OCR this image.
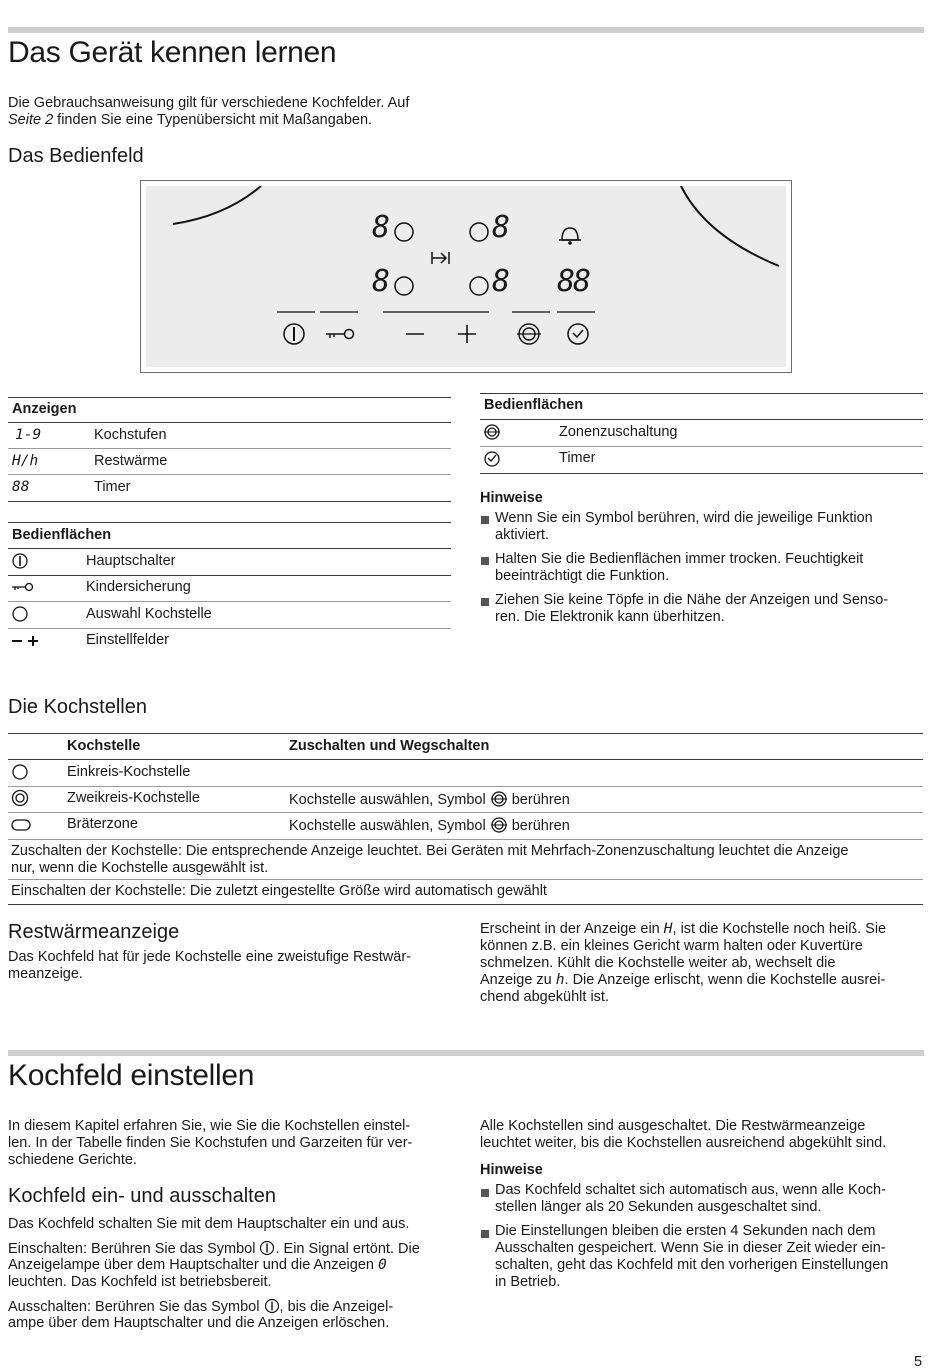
Das Gerät kennen lernen
Die Gebrauchsanweisung gilt für verschiedene Kochfelder. Auf
Seite 2 finden Sie eine Typenübersicht mit Maßangaben.
Das Bedienfeld
8	8
8	8 88
Anzeigen
1-9	Kochstufen
H/h	Restwärme
88	Timer
Bedienflächen
Hauptschalter
Kindersicherung
Auswahl Kochstelle
Einstellfelder
Bedienflächen
Zonenzuschaltung
Timer
Hinweise
Wenn Sie ein Symbol berühren, wird die jeweilige Funktion
aktiviert.
Halten Sie die Bedienflächen immer trocken. Feuchtigkeit
beeinträchtigt die Funktion.
Ziehen Sie keine Töpfe in die Nähe der Anzeigen und Senso-
ren. Die Elektronik kann überhitzen.
Die Kochstellen
Kochstelle	Zuschalten und Wegschalten
Einkreis-Kochstelle
Zweikreis-Kochstelle	Kochstelle auswählen, Symbol berühren
Bräterzone	Kochstelle auswählen, Symbol berühren
Zuschalten der Kochstelle: Die entsprechende Anzeige leuchtet. Bei Geräten mit Mehrfach-Zonenzuschaltung leuchtet die Anzeige
nur, wenn die Kochstelle ausgewählt ist.
Einschalten der Kochstelle: Die zuletzt eingestellte Größe wird automatisch gewählt
Restwärmeanzeige
Das Kochfeld hat für jede Kochstelle eine zweistufige Restwär-
meanzeige.
Erscheint in der Anzeige ein H, ist die Kochstelle noch heiß. Sie
können z.B. ein kleines Gericht warm halten oder Kuvertüre
schmelzen. Kühlt die Kochstelle weiter ab, wechselt die
Anzeige zu h. Die Anzeige erlischt, wenn die Kochstelle ausrei-
chend abgekühlt ist.
Kochfeld einstellen
In diesem Kapitel erfahren Sie, wie Sie die Kochstellen einstel-
len. In der Tabelle finden Sie Kochstufen und Garzeiten für ver-
schiedene Gerichte.
Alle Kochstellen sind ausgeschaltet. Die Restwärmeanzeige
leuchtet weiter, bis die Kochstellen ausreichend abgekühlt sind.
Kochfeld ein- und ausschalten
Das Kochfeld schalten Sie mit dem Hauptschalter ein und aus.
Einschalten: Berühren Sie das Symbol . Ein Signal ertönt. Die
Anzeigelampe über dem Hauptschalter und die Anzeigen 0
leuchten. Das Kochfeld ist betriebsbereit.
Ausschalten: Berühren Sie das Symbol , bis die Anzeigel-
ampe über dem Hauptschalter und die Anzeigen erlöschen.
Hinweise
Das Kochfeld schaltet sich automatisch aus, wenn alle Koch-
stellen länger als 20 Sekunden ausgeschaltet sind.
Die Einstellungen bleiben die ersten 4 Sekunden nach dem
Ausschalten gespeichert. Wenn Sie in dieser Zeit wieder ein-
schalten, geht das Kochfeld mit den vorherigen Einstellungen
in Betrieb.
5
